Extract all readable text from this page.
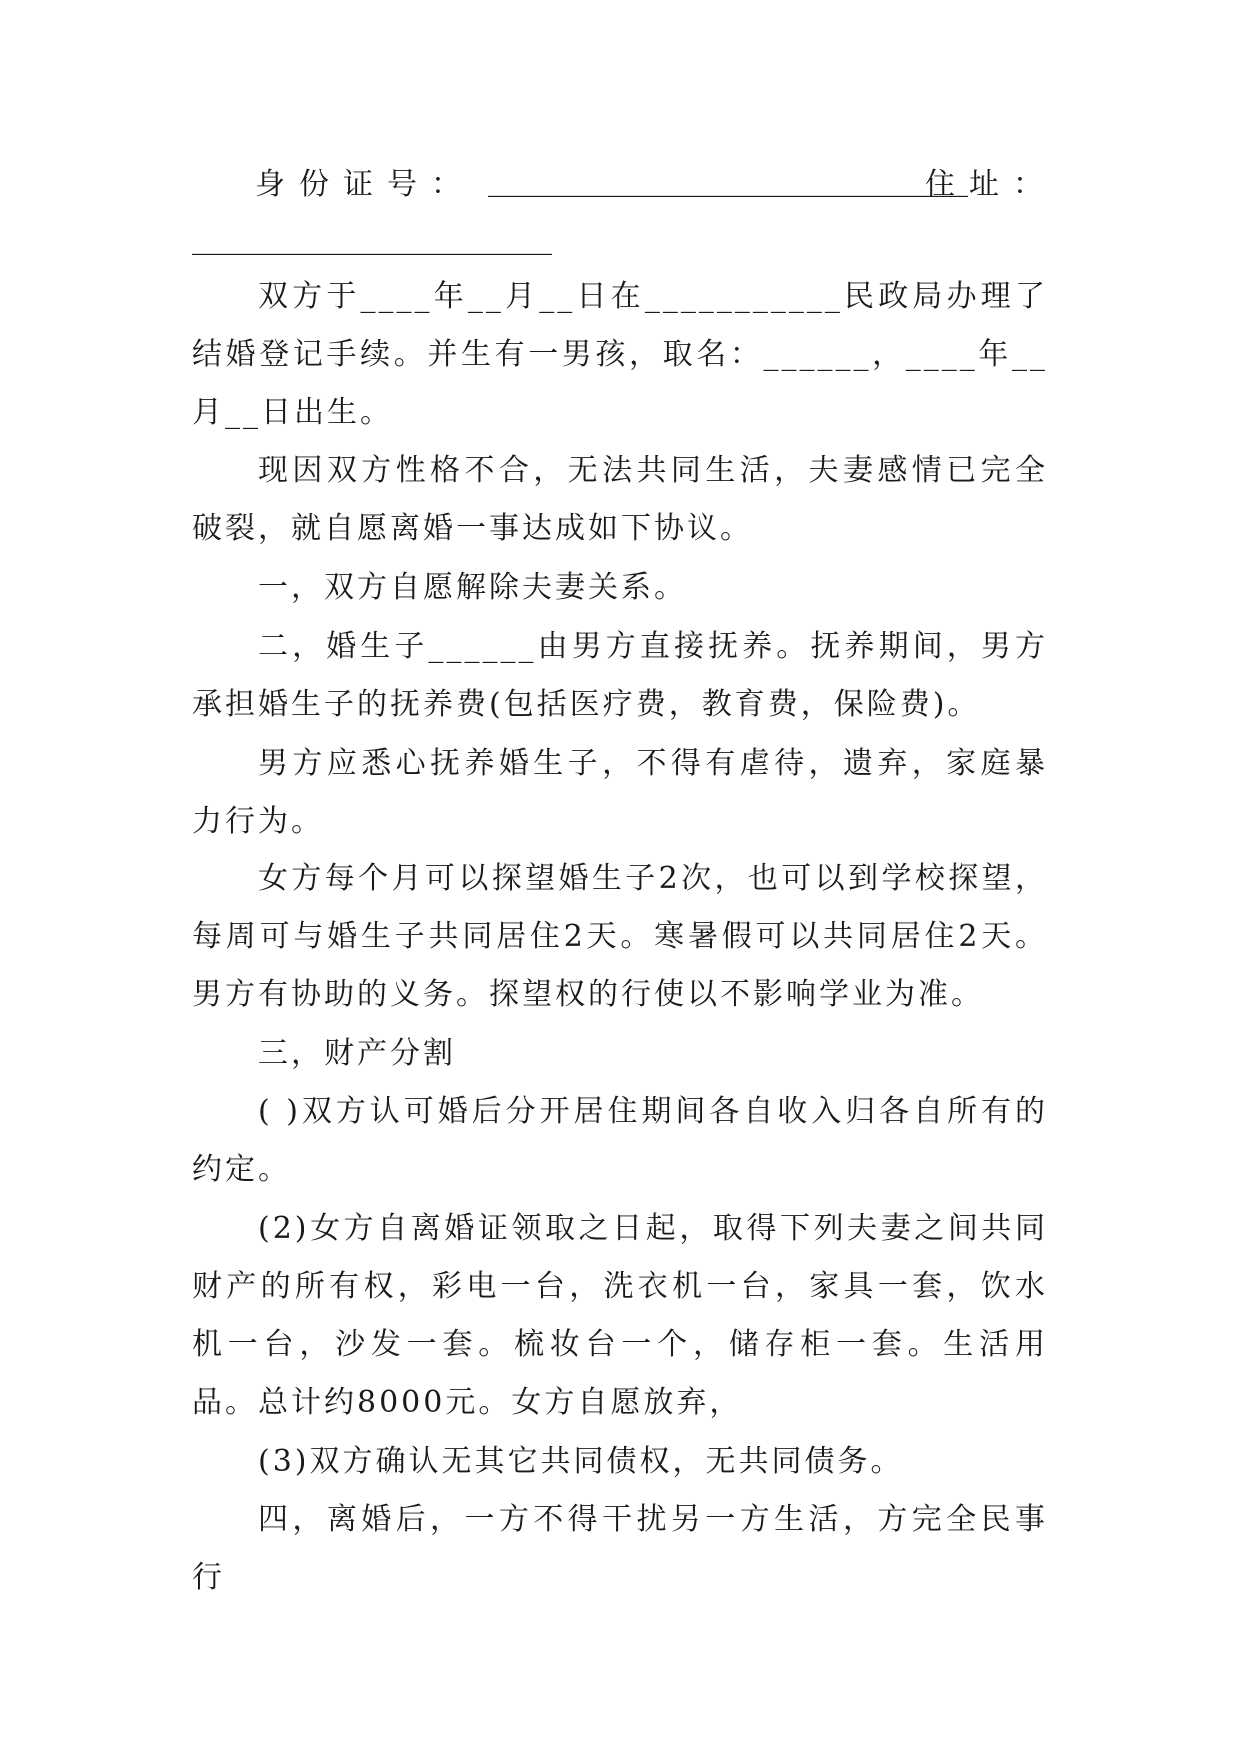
身份证号： ________________________________
住址：
________________________

双方于____年__月__日在___________民政局办理了结婚登记手续。并生有一男孩，取名：______，____年__月__日出生。

现因双方性格不合，无法共同生活，夫妻感情已完全破裂，就自愿离婚一事达成如下协议。

一，双方自愿解除夫妻关系。

二，婚生子______由男方直接抚养。抚养期间，男方承担婚生子的抚养费(包括医疗费，教育费，保险费)。

男方应悉心抚养婚生子，不得有虐待，遗弃，家庭暴力行为。

女方每个月可以探望婚生子2次，也可以到学校探望，每周可与婚生子共同居住2天。寒暑假可以共同居住2天。男方有协助的义务。探望权的行使以不影响学业为准。

三，财产分割

( )双方认可婚后分开居住期间各自收入归各自所有的约定。

(2)女方自离婚证领取之日起，取得下列夫妻之间共同财产的所有权，彩电一台，洗衣机一台，家具一套，饮水机一台，沙发一套。梳妆台一个，储存柜一套。生活用品。总计约8000元。女方自愿放弃，

(3)双方确认无其它共同债权，无共同债务。

四，离婚后，一方不得干扰另一方生活，方完全民事行
